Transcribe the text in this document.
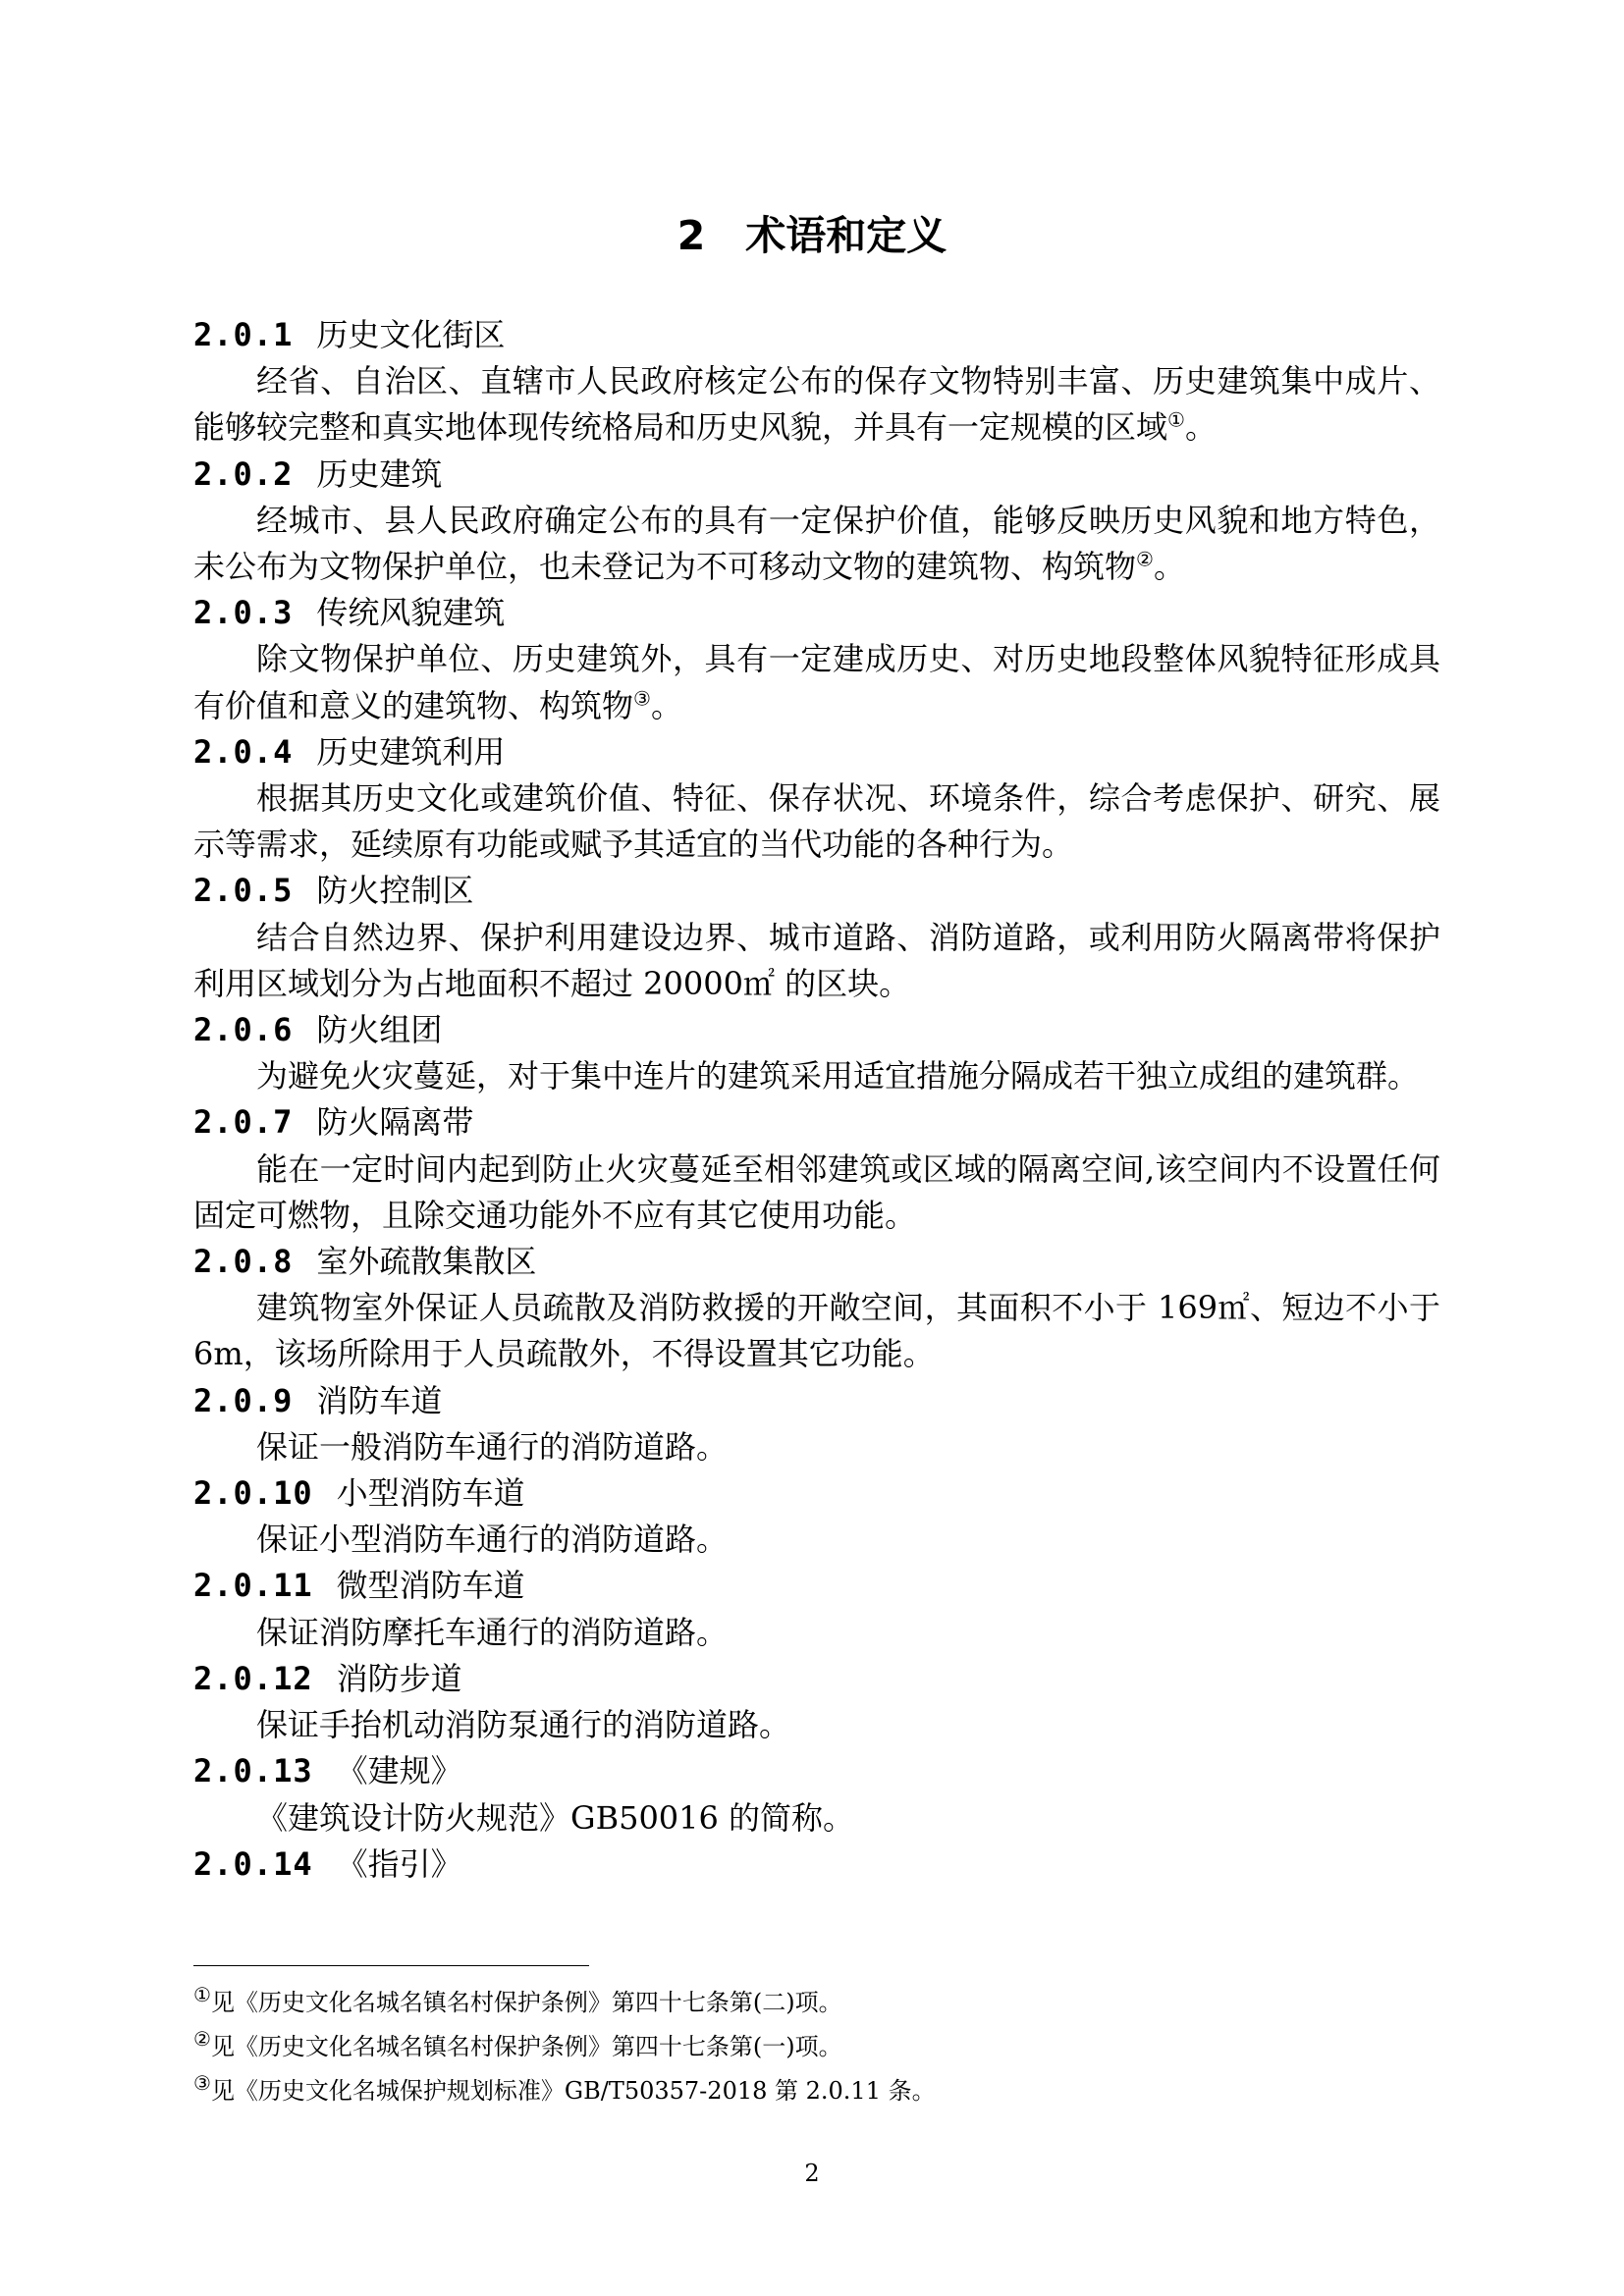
2　术语和定义
2.0.1 历史文化街区
经省、自治区、直辖市人民政府核定公布的保存文物特别丰富、历史建筑集中成片、能够较完整和真实地体现传统格局和历史风貌，并具有一定规模的区域①。
2.0.2 历史建筑
经城市、县人民政府确定公布的具有一定保护价值，能够反映历史风貌和地方特色，未公布为文物保护单位，也未登记为不可移动文物的建筑物、构筑物②。
2.0.3 传统风貌建筑
除文物保护单位、历史建筑外，具有一定建成历史、对历史地段整体风貌特征形成具有价值和意义的建筑物、构筑物③。
2.0.4 历史建筑利用
根据其历史文化或建筑价值、特征、保存状况、环境条件，综合考虑保护、研究、展示等需求，延续原有功能或赋予其适宜的当代功能的各种行为。
2.0.5 防火控制区
结合自然边界、保护利用建设边界、城市道路、消防道路，或利用防火隔离带将保护利用区域划分为占地面积不超过 20000㎡ 的区块。
2.0.6 防火组团
为避免火灾蔓延，对于集中连片的建筑采用适宜措施分隔成若干独立成组的建筑群。
2.0.7 防火隔离带
能在一定时间内起到防止火灾蔓延至相邻建筑或区域的隔离空间,该空间内不设置任何固定可燃物，且除交通功能外不应有其它使用功能。
2.0.8 室外疏散集散区
建筑物室外保证人员疏散及消防救援的开敞空间，其面积不小于 169㎡、短边不小于 6m，该场所除用于人员疏散外，不得设置其它功能。
2.0.9 消防车道
保证一般消防车通行的消防道路。
2.0.10 小型消防车道
保证小型消防车通行的消防道路。
2.0.11 微型消防车道
保证消防摩托车通行的消防道路。
2.0.12 消防步道
保证手抬机动消防泵通行的消防道路。
2.0.13 《建规》
《建筑设计防火规范》GB50016 的简称。
2.0.14 《指引》
①见《历史文化名城名镇名村保护条例》第四十七条第(二)项。
②见《历史文化名城名镇名村保护条例》第四十七条第(一)项。
③见《历史文化名城保护规划标准》GB/T50357-2018 第 2.0.11 条。
2
